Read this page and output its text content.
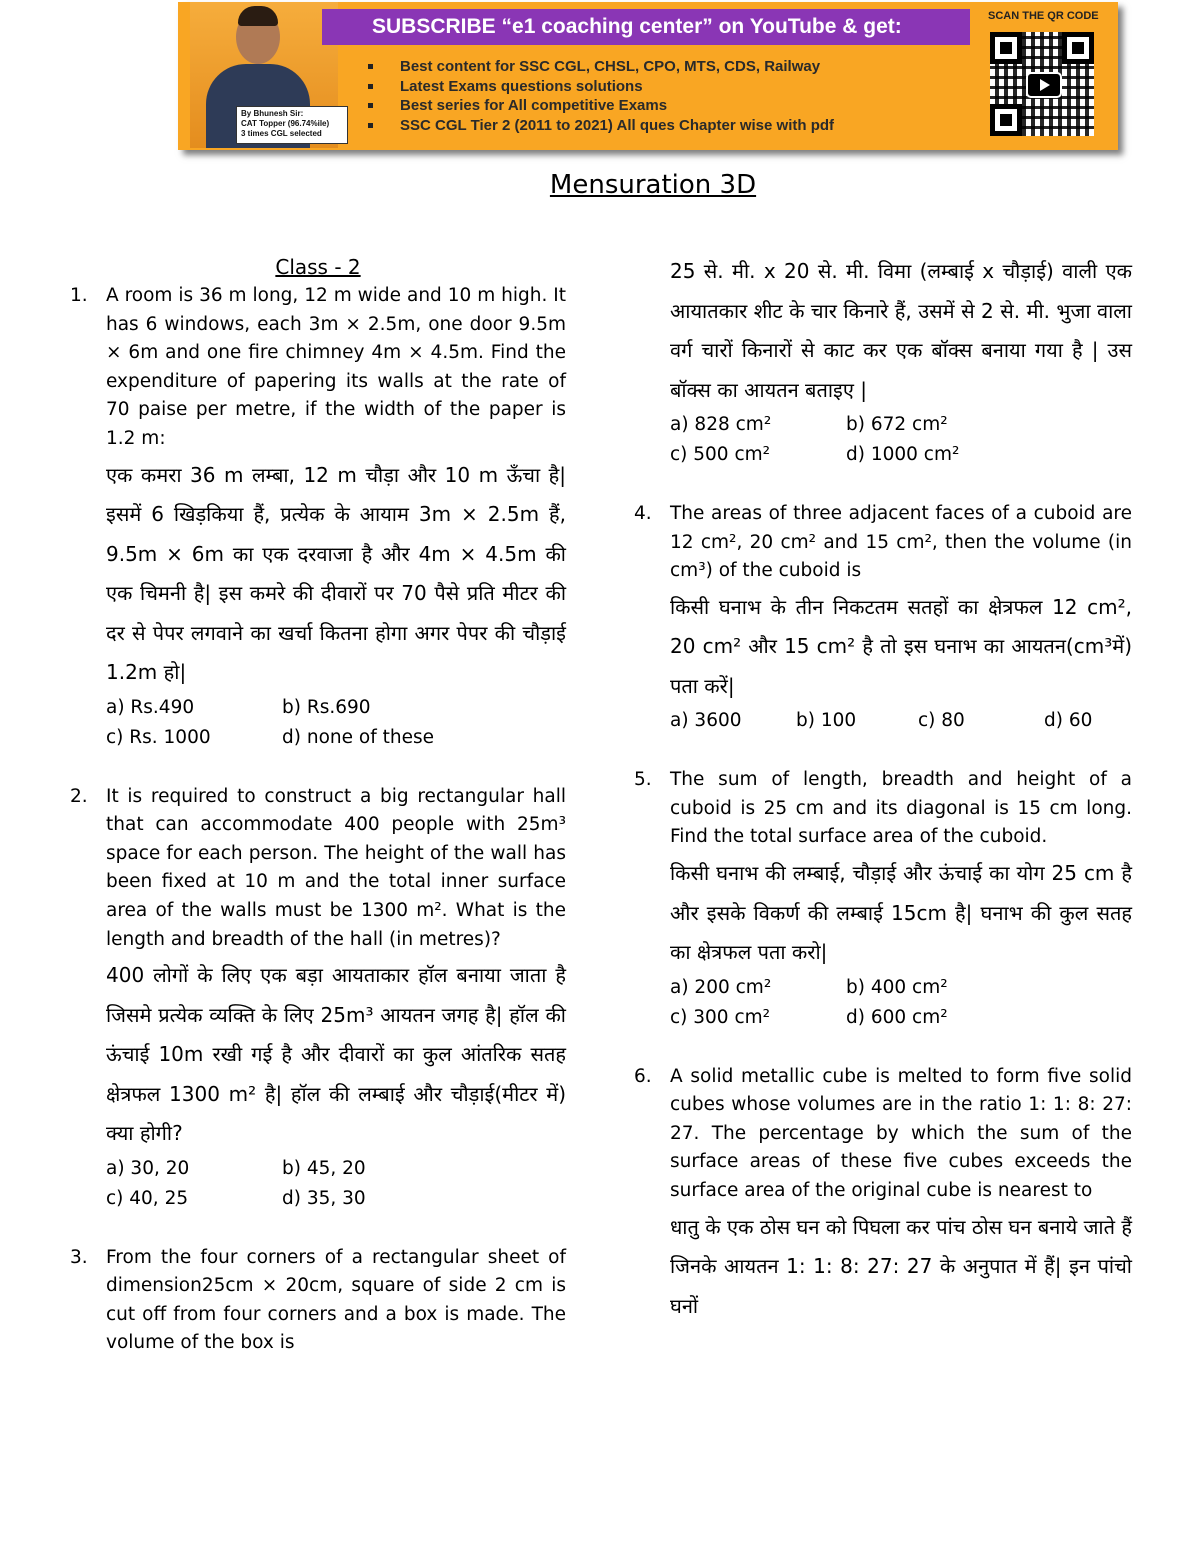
By Bhunesh Sir:
CAT Topper (96.74%ile)
3 times CGL selected
SUBSCRIBE “e1 coaching center” on YouTube & get:
Best content for SSC CGL, CHSL, CPO, MTS, CDS, Railway
Latest Exams questions solutions
Best series for All competitive Exams
SSC CGL Tier 2 (2011 to 2021) All ques Chapter wise with pdf
SCAN THE QR CODE
Mensuration 3D
Class - 2
1. A room is 36 m long, 12 m wide and 10 m high. It has 6 windows, each 3m × 2.5m, one door 9.5m × 6m and one fire chimney 4m × 4.5m. Find the expenditure of papering its walls at the rate of 70 paise per metre, if the width of the paper is 1.2 m:
एक कमरा 36 m लम्बा, 12 m चौड़ा और 10 m ऊँचा है| इसमें 6 खिड़किया हैं, प्रत्येक के आयाम 3m × 2.5m हैं, 9.5m × 6m का एक दरवाजा है और 4m × 4.5m की एक चिमनी है| इस कमरे की दीवारों पर 70 पैसे प्रति मीटर की दर से पेपर लगवाने का खर्चा कितना होगा अगर पेपर की चौड़ाई 1.2m हो|
a) Rs.490	b) Rs.690
c) Rs. 1000	d) none of these
2. It is required to construct a big rectangular hall that can accommodate 400 people with 25m³ space for each person. The height of the wall has been fixed at 10 m and the total inner surface area of the walls must be 1300 m². What is the length and breadth of the hall (in metres)?
400 लोगों के लिए एक बड़ा आयताकार हॉल बनाया जाता है जिसमे प्रत्येक व्यक्ति के लिए 25m³ आयतन जगह है| हॉल की ऊंचाई 10m रखी गई है और दीवारों का कुल आंतरिक सतह क्षेत्रफल 1300 m² है| हॉल की लम्बाई और चौड़ाई(मीटर में) क्या होगी?
a) 30, 20	b) 45, 20
c) 40, 25	d) 35, 30
3. From the four corners of a rectangular sheet of dimension25cm × 20cm, square of side 2 cm is cut off from four corners and a box is made. The volume of the box is
25 से. मी. x 20 से. मी. विमा (लम्बाई x चौड़ाई) वाली एक आयातकार शीट के चार किनारे हैं, उसमें से 2 से. मी. भुजा वाला वर्ग चारों किनारों से काट कर एक बॉक्स बनाया गया है | उस बॉक्स का आयतन बताइए |
a) 828 cm²	b) 672 cm²
c) 500 cm²	d) 1000 cm²
4. The areas of three adjacent faces of a cuboid are 12 cm², 20 cm² and 15 cm², then the volume (in cm³) of the cuboid is
किसी घनाभ के तीन निकटतम सतहों का क्षेत्रफल 12 cm², 20 cm² और 15 cm² है तो इस घनाभ का आयतन(cm³में) पता करें|
a) 3600	b) 100	c) 80	d) 60
5. The sum of length, breadth and height of a cuboid is 25 cm and its diagonal is 15 cm long. Find the total surface area of the cuboid.
किसी घनाभ की लम्बाई, चौड़ाई और ऊंचाई का योग 25 cm है और इसके विकर्ण की लम्बाई 15cm है| घनाभ की कुल सतह का क्षेत्रफल पता करो|
a) 200 cm²	b) 400 cm²
c) 300 cm²	d) 600 cm²
6. A solid metallic cube is melted to form five solid cubes whose volumes are in the ratio 1: 1: 8: 27: 27. The percentage by which the sum of the surface areas of these five cubes exceeds the surface area of the original cube is nearest to
धातु के एक ठोस घन को पिघला कर पांच ठोस घन बनाये जाते हैं जिनके आयतन 1: 1: 8: 27: 27 के अनुपात में हैं| इन पांचो घनों
